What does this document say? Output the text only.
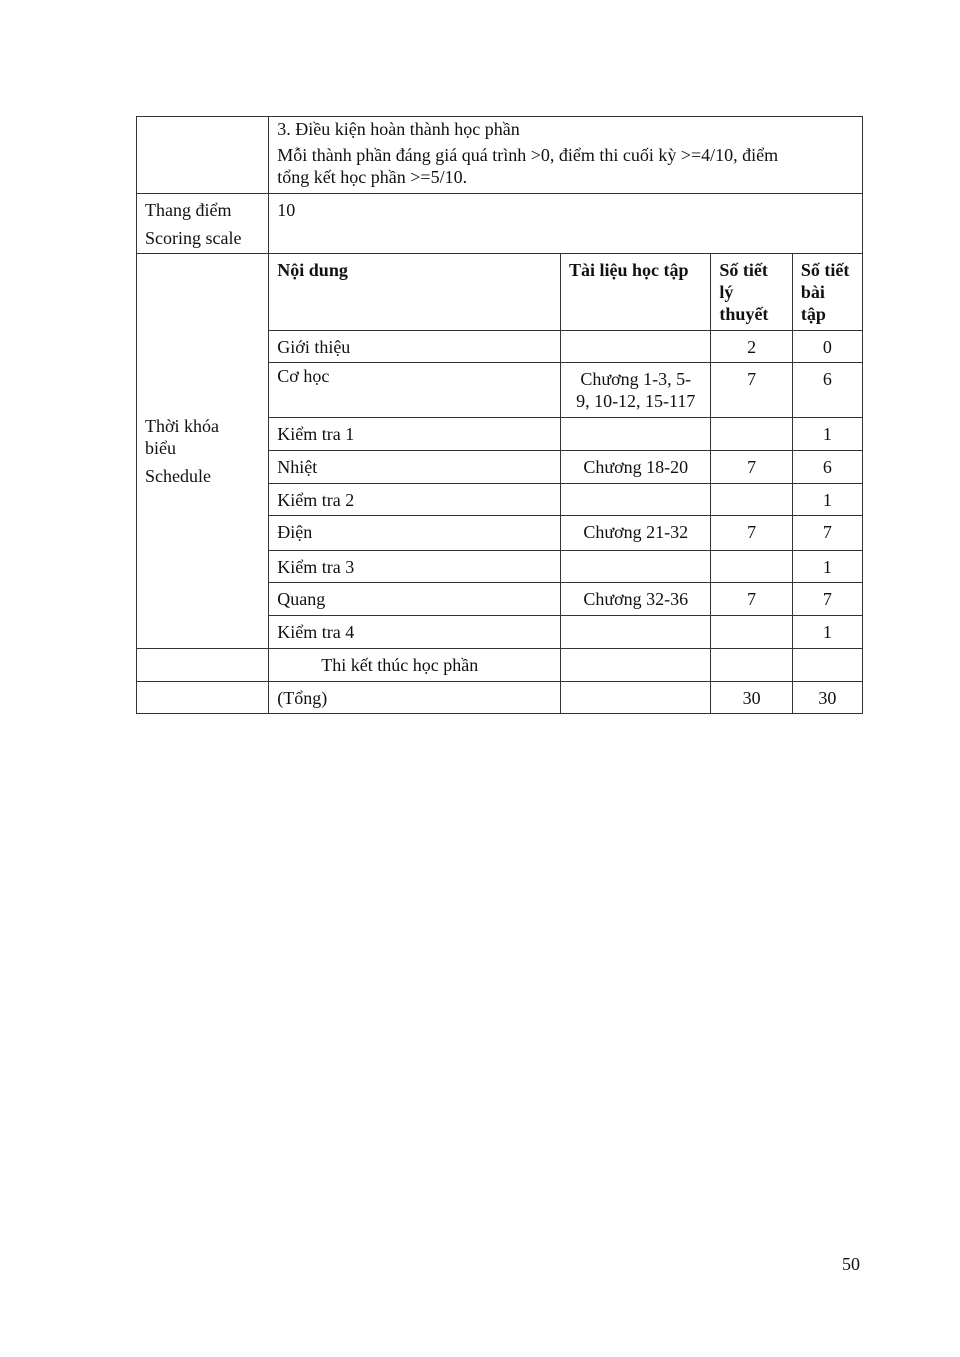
	3. Điều kiện hoàn thành học phần
Mỗi thành phần đáng giá quá trình >0, điểm thi cuối kỳ >=4/10, điểm
tổng kết học phần >=5/10.			

Thang điểm
Scoring scale	10			

Thời khóa
biểu
Schedule	Nội dung	Tài liệu học tập	Số tiết
lý
thuyết	Số tiết
bài tập

	Giới thiệu		2	0
	Cơ học	Chương 1-3, 5-
9, 10-12, 15-117	7	6
	Kiểm tra 1			1
	Nhiệt	Chương 18-20	7	6
	Kiểm tra 2			1
	Điện	Chương 21-32	7	7
	Kiểm tra 3			1
	Quang	Chương 32-36	7	7
	Kiểm tra 4			1
	Thi kết thúc học phần			
	(Tổng)		30	30
50
